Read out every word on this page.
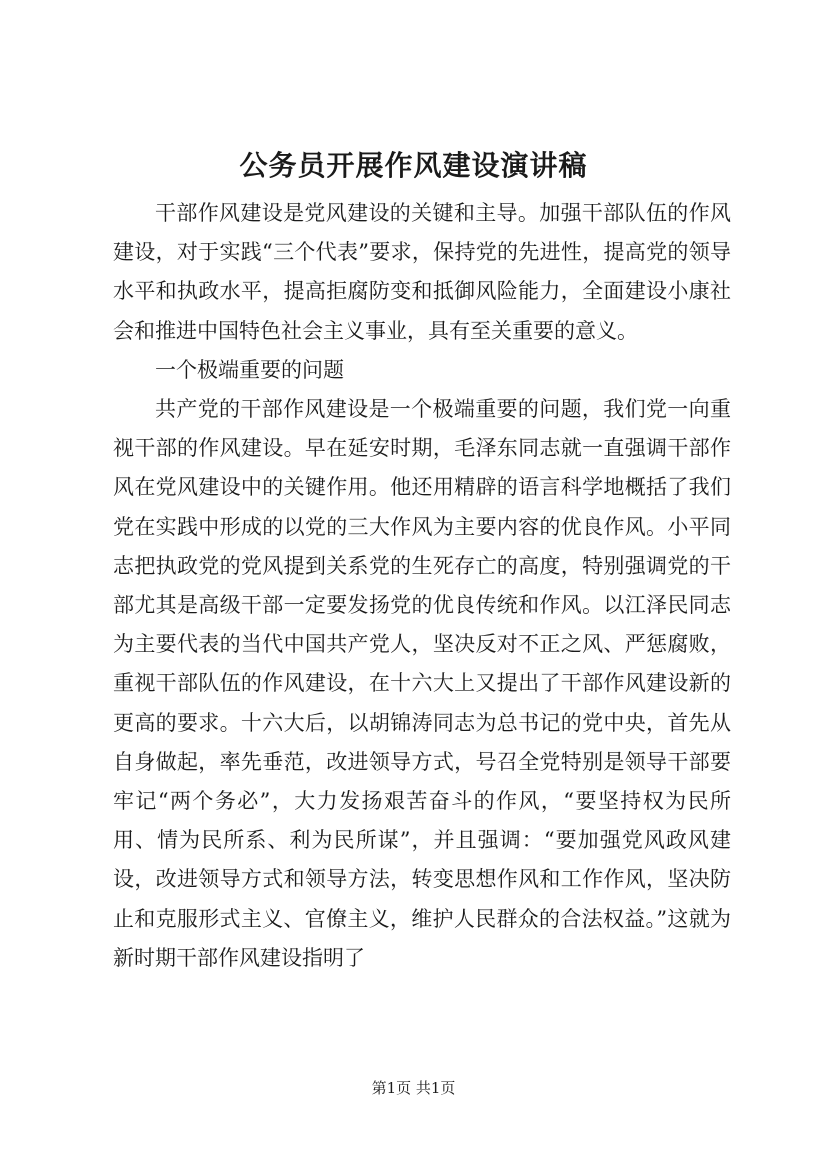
公务员开展作风建设演讲稿

干部作风建设是党风建设的关键和主导。加强干部队伍的作风建设，对于实践“三个代表”要求，保持党的先进性，提高党的领导水平和执政水平，提高拒腐防变和抵御风险能力，全面建设小康社会和推进中国特色社会主义事业，具有至关重要的意义。

一个极端重要的问题

共产党的干部作风建设是一个极端重要的问题，我们党一向重视干部的作风建设。早在延安时期，毛泽东同志就一直强调干部作风在党风建设中的关键作用。他还用精辟的语言科学地概括了我们党在实践中形成的以党的三大作风为主要内容的优良作风。小平同志把执政党的党风提到关系党的生死存亡的高度，特别强调党的干部尤其是高级干部一定要发扬党的优良传统和作风。以江泽民同志为主要代表的当代中国共产党人，坚决反对不正之风、严惩腐败，重视干部队伍的作风建设，在十六大上又提出了干部作风建设新的更高的要求。十六大后，以胡锦涛同志为总书记的党中央，首先从自身做起，率先垂范，改进领导方式，号召全党特别是领导干部要牢记“两个务必”，大力发扬艰苦奋斗的作风，“要坚持权为民所用、情为民所系、利为民所谋”，并且强调：“要加强党风政风建设，改进领导方式和领导方法，转变思想作风和工作作风，坚决防止和克服形式主义、官僚主义，维护人民群众的合法权益。”这就为新时期干部作风建设指明了

第1页 共1页
